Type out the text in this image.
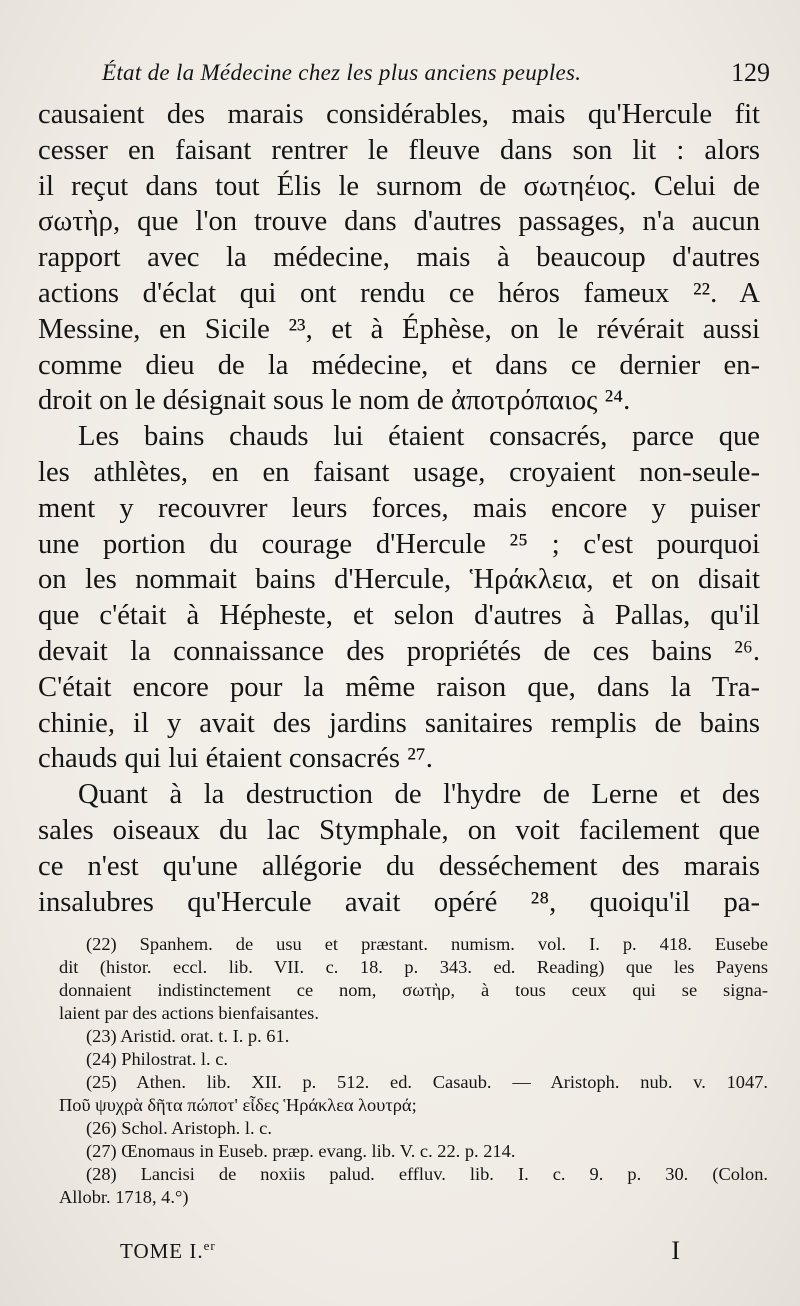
État de la Médecine chez les plus anciens peuples.	129
causaient des marais considérables, mais qu'Hercule fit
cesser en faisant rentrer le fleuve dans son lit : alors
il reçut dans tout Élis le surnom de σωτηέιος. Celui de
σωτὴρ, que l'on trouve dans d'autres passages, n'a aucun
rapport avec la médecine, mais à beaucoup d'autres
actions d'éclat qui ont rendu ce héros fameux ²². A
Messine, en Sicile ²³, et à Éphèse, on le révérait aussi
comme dieu de la médecine, et dans ce dernier en-
droit on le désignait sous le nom de ἀποτρόπαιος ²⁴.
Les bains chauds lui étaient consacrés, parce que
les athlètes, en en faisant usage, croyaient non-seule-
ment y recouvrer leurs forces, mais encore y puiser
une portion du courage d'Hercule ²⁵ ; c'est pourquoi
on les nommait bains d'Hercule, Ἡράκλεια, et on disait
que c'était à Hépheste, et selon d'autres à Pallas, qu'il
devait la connaissance des propriétés de ces bains ²⁶.
C'était encore pour la même raison que, dans la Tra-
chinie, il y avait des jardins sanitaires remplis de bains
chauds qui lui étaient consacrés ²⁷.
Quant à la destruction de l'hydre de Lerne et des
sales oiseaux du lac Stymphale, on voit facilement que
ce n'est qu'une allégorie du desséchement des marais
insalubres qu'Hercule avait opéré ²⁸, quoiqu'il pa-
(22) Spanhem. de usu et præstant. numism. vol. I. p. 418. Eusebe
dit (histor. eccl. lib. VII. c. 18. p. 343. ed. Reading) que les Payens
donnaient indistinctement ce nom, σωτὴρ, à tous ceux qui se signa-
laient par des actions bienfaisantes.
(23) Aristid. orat. t. I. p. 61.
(24) Philostrat. l. c.
(25) Athen. lib. XII. p. 512. ed. Casaub. — Aristoph. nub. v. 1047.
Ποῦ ψυχρὰ δῆτα πώποτ' εἶδες Ἡράκλεα λουτρά;
(26) Schol. Aristoph. l. c.
(27) Œnomaus in Euseb. præp. evang. lib. V. c. 22. p. 214.
(28) Lancisi de noxiis palud. effluv. lib. I. c. 9. p. 30. (Colon.
Allobr. 1718, 4.°)
TOME I.$^{er}$	I
